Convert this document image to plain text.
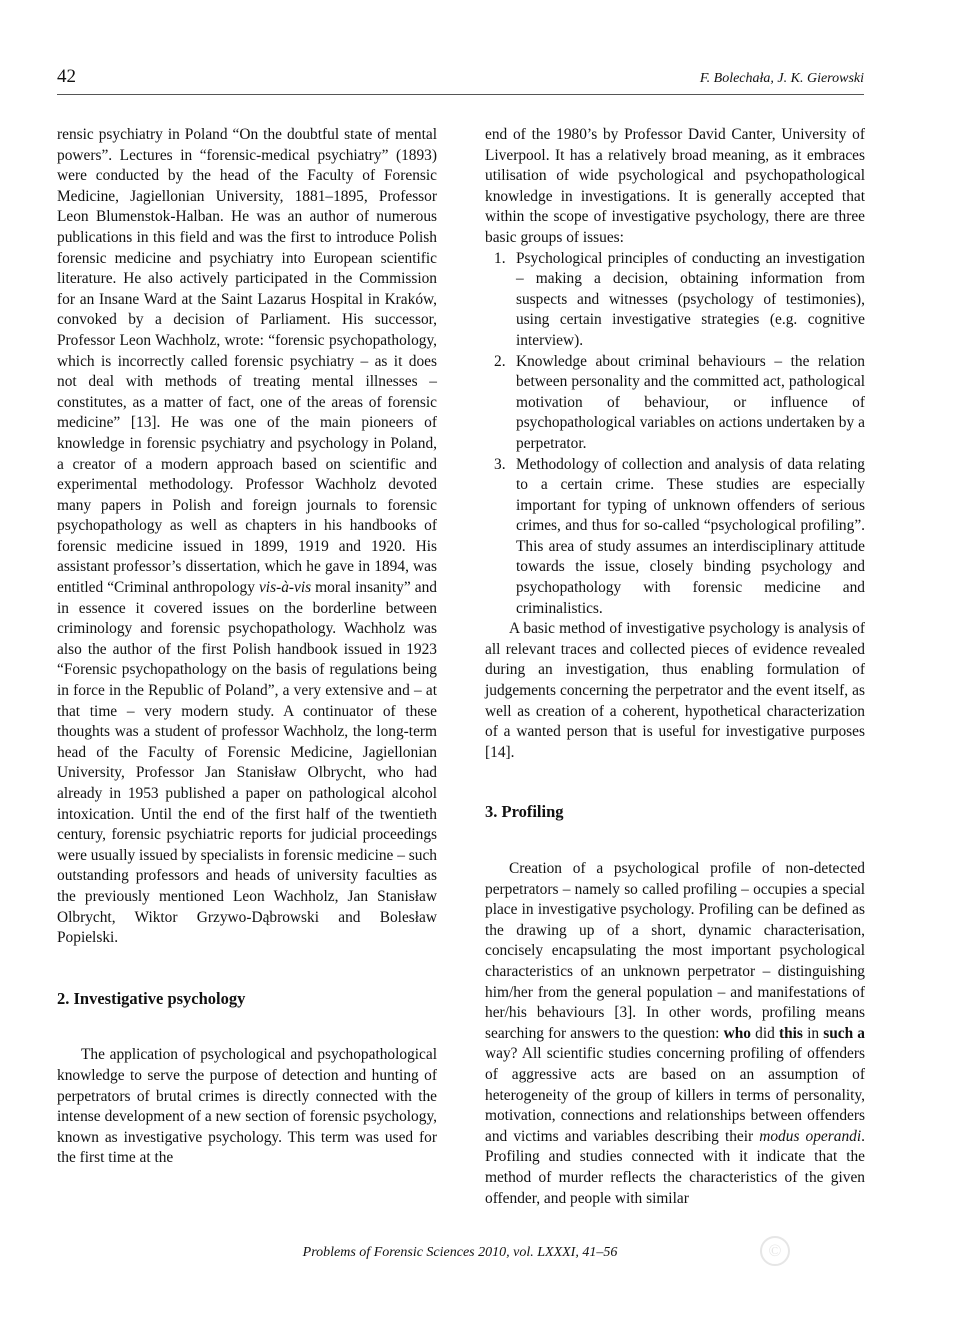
42	F. Bolechała, J. K. Gierowski

rensic psychiatry in Poland “On the doubtful state of mental powers”. Lectures in “forensic-medical psychiatry” (1893) were conducted by the head of the Faculty of Forensic Medicine, Jagiellonian University, 1881–1895, Professor Leon Blumenstok-Halban. He was an author of numerous publications in this field and was the first to introduce Polish forensic medicine and psychiatry into European scientific literature. He also actively participated in the Commission for an Insane Ward at the Saint Lazarus Hospital in Kraków, convoked by a decision of Parliament. His successor, Professor Leon Wachholz, wrote: “forensic psychopathology, which is incorrectly called forensic psychiatry – as it does not deal with methods of treating mental illnesses – constitutes, as a matter of fact, one of the areas of forensic medicine” [13]. He was one of the main pioneers of knowledge in forensic psychiatry and psychology in Poland, a creator of a modern approach based on scientific and experimental methodology. Professor Wachholz devoted many papers in Polish and foreign journals to forensic psychopathology as well as chapters in his handbooks of forensic medicine issued in 1899, 1919 and 1920. His assistant professor’s dissertation, which he gave in 1894, was entitled “Criminal anthropology vis-à-vis moral insanity” and in essence it covered issues on the borderline between criminology and forensic psychopathology. Wachholz was also the author of the first Polish handbook issued in 1923 “Forensic psychopathology on the basis of regulations being in force in the Republic of Poland”, a very extensive and – at that time – very modern study. A continuator of these thoughts was a student of professor Wachholz, the long-term head of the Faculty of Forensic Medicine, Jagiellonian University, Professor Jan Stanisław Olbrycht, who had already in 1953 published a paper on pathological alcohol intoxication. Until the end of the first half of the twentieth century, forensic psychiatric reports for judicial proceedings were usually issued by specialists in forensic medicine – such outstanding professors and heads of university faculties as the previously mentioned Leon Wachholz, Jan Stanisław Olbrycht, Wiktor Grzywo-Dąbrowski and Bolesław Popielski.

2. Investigative psychology

The application of psychological and psychopathological knowledge to serve the purpose of detection and hunting of perpetrators of brutal crimes is directly connected with the intense development of a new section of forensic psychology, known as investigative psychology. This term was used for the first time at the

end of the 1980’s by Professor David Canter, University of Liverpool. It has a relatively broad meaning, as it embraces utilisation of wide psychological and psychopathological knowledge in investigations. It is generally accepted that within the scope of investigative psychology, there are three basic groups of issues:

1. Psychological principles of conducting an investigation – making a decision, obtaining information from suspects and witnesses (psychology of testimonies), using certain investigative strategies (e.g. cognitive interview).
2. Knowledge about criminal behaviours – the relation between personality and the committed act, pathological motivation of behaviour, or influence of psychopathological variables on actions undertaken by a perpetrator.
3. Methodology of collection and analysis of data relating to a certain crime. These studies are especially important for typing of unknown offenders of serious crimes, and thus for so-called “psychological profiling”. This area of study assumes an interdisciplinary attitude towards the issue, closely binding psychology and psychopathology with forensic medicine and criminalistics.

A basic method of investigative psychology is analysis of all relevant traces and collected pieces of evidence revealed during an investigation, thus enabling formulation of judgements concerning the perpetrator and the event itself, as well as creation of a coherent, hypothetical characterization of a wanted person that is useful for investigative purposes [14].

3. Profiling

Creation of a psychological profile of non-detected perpetrators – namely so called profiling – occupies a special place in investigative psychology. Profiling can be defined as the drawing up of a short, dynamic characterisation, concisely encapsulating the most important psychological characteristics of an unknown perpetrator – distinguishing him/her from the general population – and manifestations of her/his behaviours [3]. In other words, profiling means searching for answers to the question: who did this in such a way? All scientific studies concerning profiling of offenders of aggressive acts are based on an assumption of heterogeneity of the group of killers in terms of personality, motivation, connections and relationships between offenders and victims and variables describing their modus operandi. Profiling and studies connected with it indicate that the method of murder reflects the characteristics of the given offender, and people with similar

Problems of Forensic Sciences 2010, vol. LXXXI, 41–56	©
